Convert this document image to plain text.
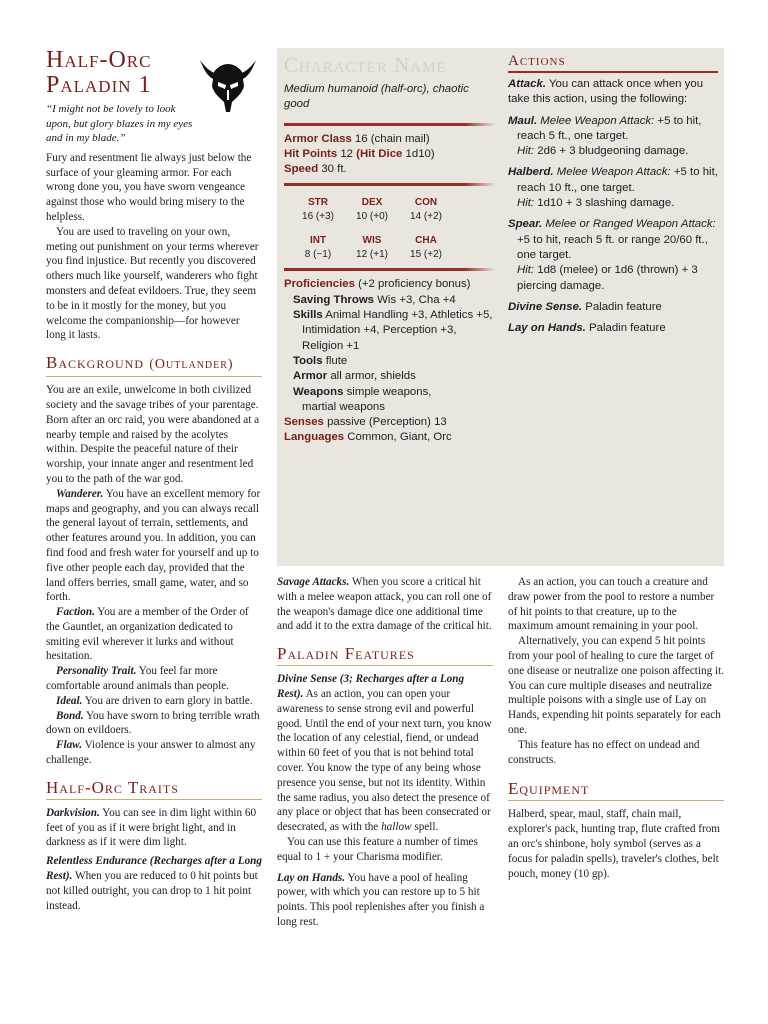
Half-Orc
Paladin 1
“I might not be lovely to look upon, but glory blazes in my eyes and in my blade.”

Fury and resentment lie always just below the surface of your gleaming armor. For each wrong done you, you have sworn vengeance against those who would bring misery to the helpless.

You are used to traveling on your own, meting out punishment on your terms wherever you find injustice. But recently you discovered others much like yourself, wanderers who fight monsters and defeat evildoers. True, they seem to be in it mostly for the money, but you welcome the companionship—for however long it lasts.

Background (Outlander)

You are an exile, unwelcome in both civilized society and the savage tribes of your parentage. Born after an orc raid, you were abandoned at a nearby temple and raised by the acolytes within. Despite the peaceful nature of their worship, your innate anger and resentment led you to the path of the war god.

Wanderer. You have an excellent memory for maps and geography, and you can always recall the general layout of terrain, settlements, and other features around you. In addition, you can find food and fresh water for yourself and up to five other people each day, provided that the land offers berries, small game, water, and so forth.

Faction. You are a member of the Order of the Gauntlet, an organization dedicated to smiting evil wherever it lurks and without hesitation.

Personality Trait. You feel far more comfortable around animals than people.

Ideal. You are driven to earn glory in battle.

Bond. You have sworn to bring terrible wrath down on evildoers.

Flaw. Violence is your answer to almost any challenge.

Half-Orc Traits

Darkvision. You can see in dim light within 60 feet of you as if it were bright light, and in darkness as if it were dim light.

Relentless Endurance (Recharges after a Long Rest). When you are reduced to 0 hit points but not killed outright, you can drop to 1 hit point instead.

Character Name
Medium humanoid (half-orc), chaotic good
Armor Class 16 (chain mail)
Hit Points 12 (Hit Dice 1d10)
Speed 30 ft.
STR	DEX	CON
16 (+3)	10 (+0)	14 (+2)
INT	WIS	CHA
8 (−1)	12 (+1)	15 (+2)
Proficiencies (+2 proficiency bonus)
Saving Throws Wis +3, Cha +4
Skills Animal Handling +3, Athletics +5, Intimidation +4, Perception +3, Religion +1
Tools flute
Armor all armor, shields
Weapons simple weapons, martial weapons
Senses passive (Perception) 13
Languages Common, Giant, Orc
Actions

Attack. You can attack once when you take this action, using the following:

Maul. Melee Weapon Attack: +5 to hit, reach 5 ft., one target.
Hit: 2d6 + 3 bludgeoning damage.

Halberd. Melee Weapon Attack: +5 to hit, reach 10 ft., one target.
Hit: 1d10 + 3 slashing damage.

Spear. Melee or Ranged Weapon Attack: +5 to hit, reach 5 ft. or range 20/60 ft., one target.
Hit: 1d8 (melee) or 1d6 (thrown) + 3 piercing damage.

Divine Sense. Paladin feature

Lay on Hands. Paladin feature

Savage Attacks. When you score a critical hit with a melee weapon attack, you can roll one of the weapon's damage dice one additional time and add it to the extra damage of the critical hit.

Paladin Features

Divine Sense (3; Recharges after a Long Rest). As an action, you can open your awareness to sense strong evil and powerful good. Until the end of your next turn, you know the location of any celestial, fiend, or undead within 60 feet of you that is not behind total cover. You know the type of any being whose presence you sense, but not its identity. Within the same radius, you also detect the presence of any place or object that has been consecrated or desecrated, as with the hallow spell.

You can use this feature a number of times equal to 1 + your Charisma modifier.

Lay on Hands. You have a pool of healing power, with which you can restore up to 5 hit points. This pool replenishes after you finish a long rest.

As an action, you can touch a creature and draw power from the pool to restore a number of hit points to that creature, up to the maximum amount remaining in your pool.

Alternatively, you can expend 5 hit points from your pool of healing to cure the target of one disease or neutralize one poison affecting it. You can cure multiple diseases and neutralize multiple poisons with a single use of Lay on Hands, expending hit points separately for each one.

This feature has no effect on undead and constructs.

Equipment
Halberd, spear, maul, staff, chain mail, explorer's pack, hunting trap, flute crafted from an orc's shinbone, holy symbol (serves as a focus for paladin spells), traveler's clothes, belt pouch, money (10 gp).
